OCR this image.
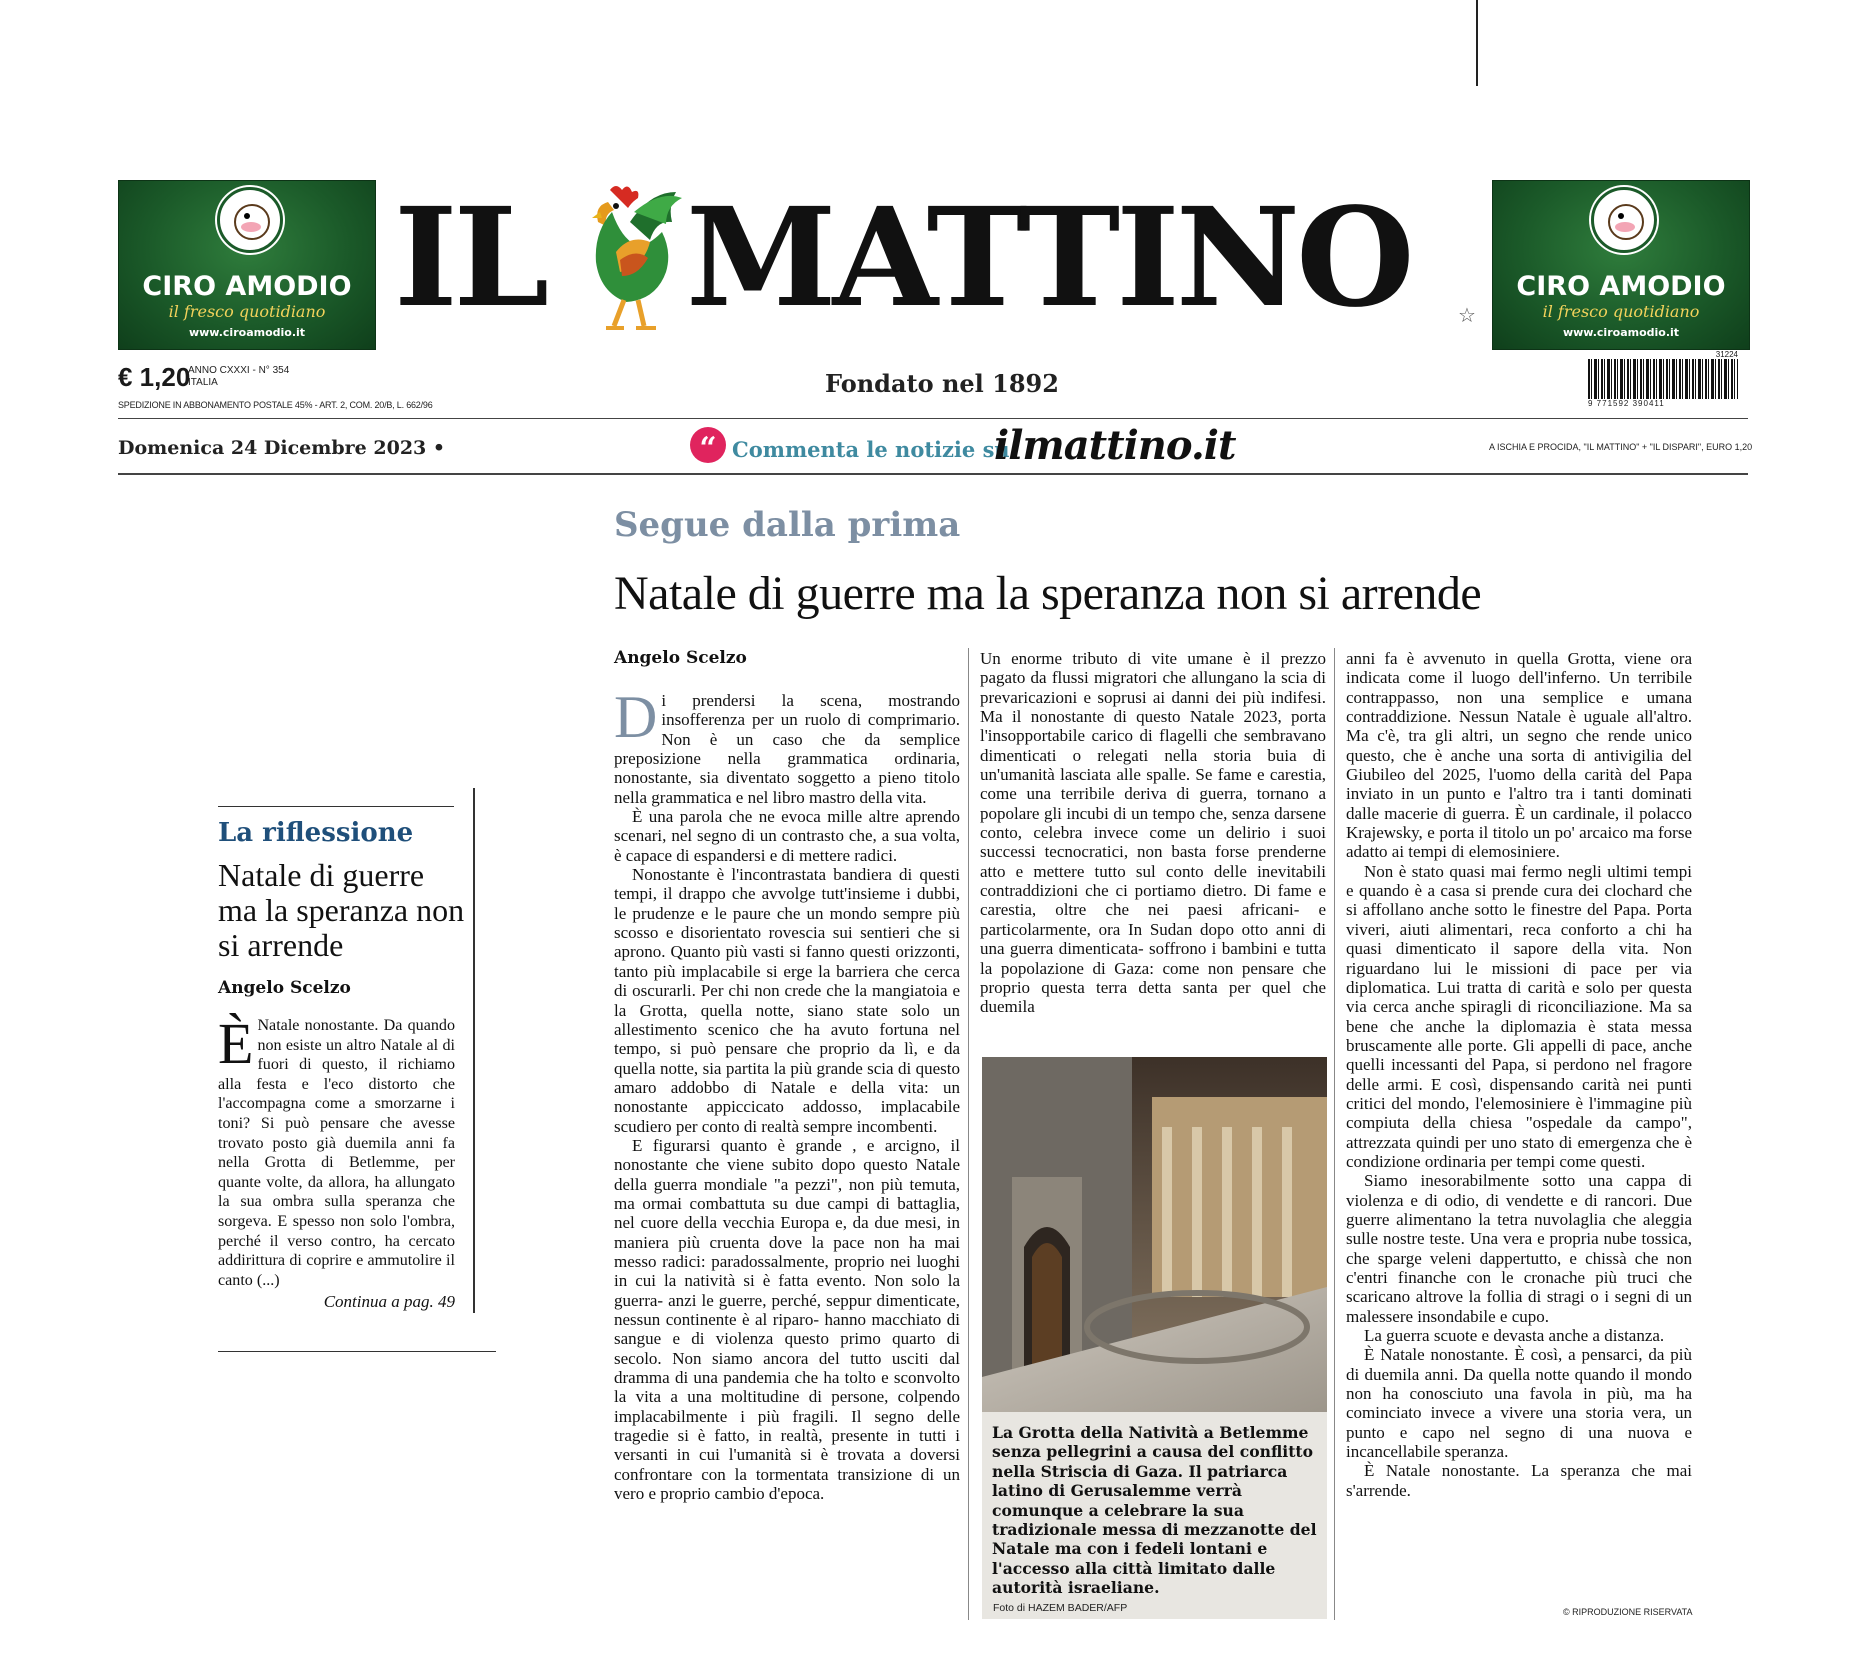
CIRO AMODIO
il fresco quotidiano
www.ciroamodio.it
CIRO AMODIO
il fresco quotidiano
www.ciroamodio.it
IL MATTINO ☆
€ 1,20
ANNO CXXXI - N° 354
ITALIA
SPEDIZIONE IN ABBONAMENTO POSTALE 45% - ART. 2, COM. 20/B, L. 662/96
Fondato nel 1892
31224
9 771592 390411
Domenica 24 Dicembre 2023 •	“ Commenta le notizie su
ilmattino.it	A ISCHIA E PROCIDA, "IL MATTINO" + "IL DISPARI", EURO 1,20
Segue dalla prima
Natale di guerre ma la speranza non si arrende
La riflessione
Natale di guerre ma la speranza non si arrende
Angelo Scelzo
È Natale nonostante. Da quando non esiste un altro Natale al di fuori di questo, il richiamo alla festa e l'eco distorto che l'accompagna come a smorzarne i toni? Si può pensare che avesse trovato posto già duemila anni fa nella Grotta di Betlemme, per quante volte, da allora, ha allungato la sua ombra sulla speranza che sorgeva. E spesso non solo l'ombra, perché il verso contro, ha cercato addirittura di coprire e ammutolire il canto (...)
Continua a pag. 49
Angelo Scelzo

Di prendersi la scena, mostrando insofferenza per un ruolo di comprimario. Non è un caso che da semplice preposizione nella grammatica ordinaria, nonostante, sia diventato soggetto a pieno titolo nella grammatica e nel libro mastro della vita.

È una parola che ne evoca mille altre aprendo scenari, nel segno di un contrasto che, a sua volta, è capace di espandersi e di mettere radici.

Nonostante è l'incontrastata bandiera di questi tempi, il drappo che avvolge tutt'insieme i dubbi, le prudenze e le paure che un mondo sempre più scosso e disorientato rovescia sui sentieri che si aprono. Quanto più vasti si fanno questi orizzonti, tanto più implacabile si erge la barriera che cerca di oscurarli. Per chi non crede che la mangiatoia e la Grotta, quella notte, siano state solo un allestimento scenico che ha avuto fortuna nel tempo, si può pensare che proprio da lì, e da quella notte, sia partita la più grande scia di questo amaro addobbo di Natale e della vita: un nonostante appiccicato addosso, implacabile scudiero per conto di realtà sempre incombenti.

E figurarsi quanto è grande , e arcigno, il nonostante che viene subito dopo questo Natale della guerra mondiale "a pezzi", non più temuta, ma ormai combattuta su due campi di battaglia, nel cuore della vecchia Europa e, da due mesi, in maniera più cruenta dove la pace non ha mai messo radici: paradossalmente, proprio nei luoghi in cui la natività si è fatta evento. Non solo la guerra- anzi le guerre, perché, seppur dimenticate, nessun continente è al riparo- hanno macchiato di sangue e di violenza questo primo quarto di secolo. Non siamo ancora del tutto usciti dal dramma di una pandemia che ha tolto e sconvolto la vita a una moltitudine di persone, colpendo implacabilmente i più fragili. Il segno delle tragedie si è fatto, in realtà, presente in tutti i versanti in cui l'umanità si è trovata a doversi confrontare con la tormentata transizione di un vero e proprio cambio d'epoca.

Un enorme tributo di vite umane è il prezzo pagato da flussi migratori che allungano la scia di prevaricazioni e soprusi ai danni dei più indifesi. Ma il nonostante di questo Natale 2023, porta l'insopportabile carico di flagelli che sembravano dimenticati o relegati nella storia buia di un'umanità lasciata alle spalle. Se fame e carestia, come una terribile deriva di guerra, tornano a popolare gli incubi di un tempo che, senza darsene conto, celebra invece come un delirio i suoi successi tecnocratici, non basta forse prenderne atto e mettere tutto sul conto delle inevitabili contraddizioni che ci portiamo dietro. Di fame e carestia, oltre che nei paesi africani- e particolarmente, ora In Sudan dopo otto anni di una guerra dimenticata- soffrono i bambini e tutta la popolazione di Gaza: come non pensare che proprio questa terra detta santa per quel che duemila

La Grotta della Natività a Betlemme senza pellegrini a causa del conflitto nella Striscia di Gaza. Il patriarca latino di Gerusalemme verrà comunque a celebrare la sua tradizionale messa di mezzanotte del Natale ma con i fedeli lontani e l'accesso alla città limitato dalle autorità israeliane.
Foto di HAZEM BADER/AFP

anni fa è avvenuto in quella Grotta, viene ora indicata come il luogo dell'inferno. Un terribile contrappasso, non una semplice e umana contraddizione. Nessun Natale è uguale all'altro. Ma c'è, tra gli altri, un segno che rende unico questo, che è anche una sorta di antivigilia del Giubileo del 2025, l'uomo della carità del Papa inviato in un punto e l'altro tra i tanti dominati dalle macerie di guerra. È un cardinale, il polacco Krajewsky, e porta il titolo un po' arcaico ma forse adatto ai tempi di elemosiniere.

Non è stato quasi mai fermo negli ultimi tempi e quando è a casa si prende cura dei clochard che si affollano anche sotto le finestre del Papa. Porta viveri, aiuti alimentari, reca conforto a chi ha quasi dimenticato il sapore della vita. Non riguardano lui le missioni di pace per via diplomatica. Lui tratta di carità e solo per questa via cerca anche spiragli di riconciliazione. Ma sa bene che anche la diplomazia è stata messa bruscamente alle porte. Gli appelli di pace, anche quelli incessanti del Papa, si perdono nel fragore delle armi. E così, dispensando carità nei punti critici del mondo, l'elemosiniere è l'immagine più compiuta della chiesa "ospedale da campo", attrezzata quindi per uno stato di emergenza che è condizione ordinaria per tempi come questi.

Siamo inesorabilmente sotto una cappa di violenza e di odio, di vendette e di rancori. Due guerre alimentano la tetra nuvolaglia che aleggia sulle nostre teste. Una vera e propria nube tossica, che sparge veleni dappertutto, e chissà che non c'entri finanche con le cronache più truci che scaricano altrove la follia di stragi o i segni di un malessere insondabile e cupo.

La guerra scuote e devasta anche a distanza.

È Natale nonostante. È così, a pensarci, da più di duemila anni. Da quella notte quando il mondo non ha conosciuto una favola in più, ma ha cominciato invece a vivere una storia vera, un punto e capo nel segno di una nuova e incancellabile speranza.

È Natale nonostante. La speranza che mai s'arrende.

© RIPRODUZIONE RISERVATA
